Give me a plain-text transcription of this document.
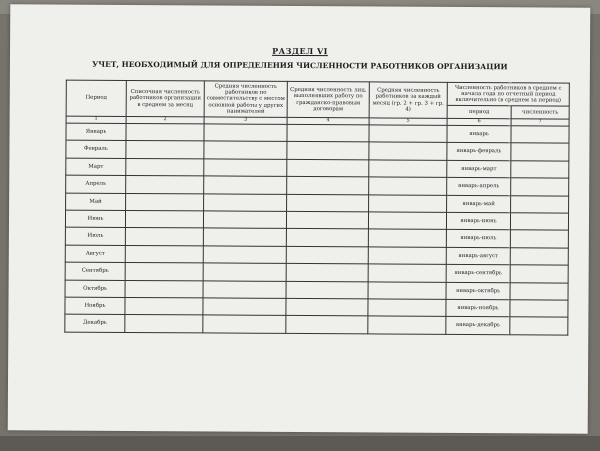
РАЗДЕЛ VI
УЧЕТ, НЕОБХОДИМЫЙ ДЛЯ ОПРЕДЕЛЕНИЯ ЧИСЛЕННОСТИ РАБОТНИКОВ ОРГАНИЗАЦИИ
Период	Списочная численность работников организации в среднем за месяц	Средняя численность работников по совместительству с местом основной работы у других нанимателей	Средняя численность лиц, выполнявших работу по гражданско-правовым договорам	Средняя численность работников за каждый месяц (гр. 2 + гр. 3 + гр. 4)	Численность работников в среднем с начала года по отчетный период включительно (в среднем за период)	
					период	численность
1	2	3	4	5	6	7
Январь					январь	
Февраль					январь-февраль	
Март					январь-март	
Апрель					январь-апрель	
Май					январь-май	
Июнь					январь-июнь	
Июль					январь-июль	
Август					январь-август	
Сентябрь					январь-сентябрь	
Октябрь					январь-октябрь	
Ноябрь					январь-ноябрь	
Декабрь					январь-декабрь	
